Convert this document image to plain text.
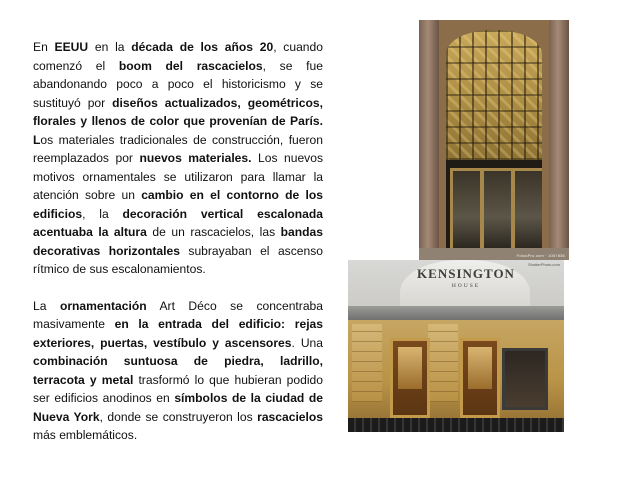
En EEUU en la década de los años 20, cuando comenzó el boom del rascacielos, se fue abandonando poco a poco el historicismo y se sustituyó por diseños actualizados, geométricos, florales y llenos de color que provenían de París. Los materiales tradicionales de construcción, fueron reemplazados por nuevos materiales. Los nuevos motivos ornamentales se utilizaron para llamar la atención sobre un cambio en el contorno de los edificios, la decoración vertical escalonada acentuaba la altura de un rascacielos, las bandas decorativas horizontales subrayaban el ascenso rítmico de sus escalonamientos.

La ornamentación Art Déco se concentraba masivamente en la entrada del edificio: rejas exteriores, puertas, vestíbulo y ascensores. Una combinación suntuosa de piedra, ladrillo, terracota y metal trasformó lo que hubieran podido ser edificios anodinos en símbolos de la ciudad de Nueva York, donde se construyeron los rascacielos más emblemáticos.

FotosPro.com · 1067836
KENSINGTON
HOUSE
ShutterPhoto.com
